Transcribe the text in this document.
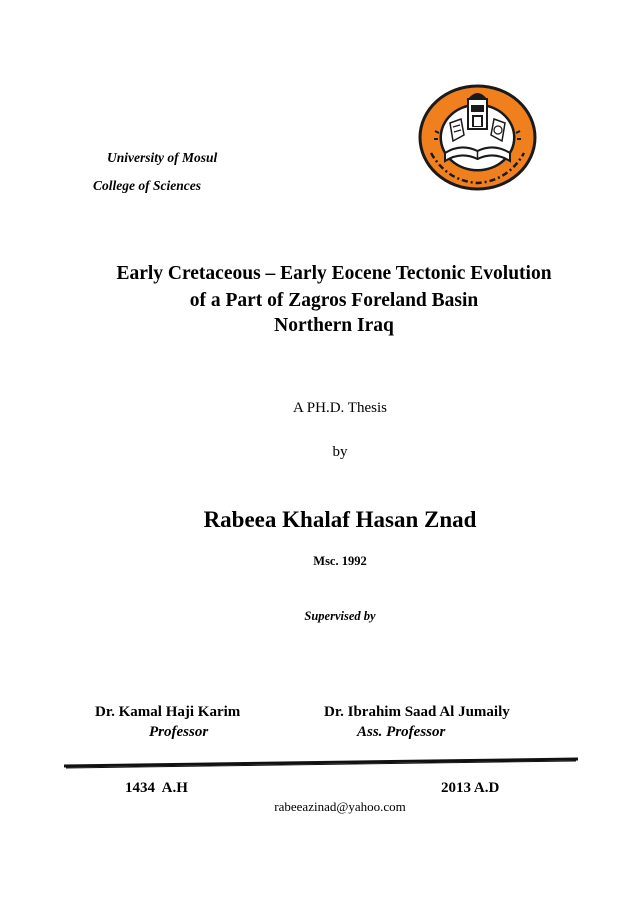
University of Mosul
College of Sciences
Early Cretaceous – Early Eocene Tectonic Evolution
of a Part of Zagros Foreland Basin
Northern Iraq
A PH.D. Thesis
by
Rabeea Khalaf Hasan Znad
Msc. 1992
Supervised by
Dr. Kamal Haji Karim
Professor
Dr. Ibrahim Saad Al Jumaily
Ass. Professor
1434  A.H	2013 A.D
rabeeazinad@yahoo.com
